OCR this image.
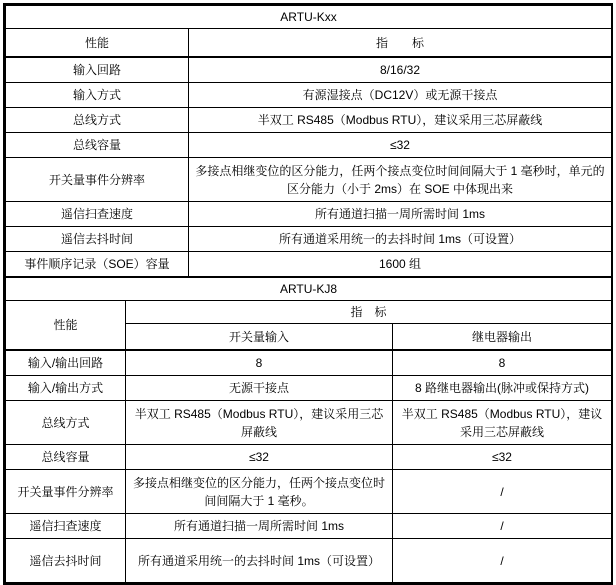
ARTU-Kxx	
性能	指　　标
输入回路	8/16/32
输入方式	有源湿接点（DC12V）或无源干接点
总线方式	半双工 RS485（Modbus RTU），建议采用三芯屏蔽线
总线容量	≤32
开关量事件分辨率	多接点相继变位的区分能力，任两个接点变位时间间隔大于 1 毫秒时，单元的区分能力（小于 2ms）在 SOE 中体现出来
遥信扫查速度	所有通道扫描一周所需时间 1ms
遥信去抖时间	所有通道采用统一的去抖时间 1ms（可设置）
事件顺序记录（SOE）容量	1600 组
ARTU-KJ8		
性能	指　标	
	开关量输入	继电器输出
输入/输出回路	8	8
输入/输出方式	无源干接点	8 路继电器输出(脉冲或保持方式)
总线方式	半双工 RS485（Modbus RTU），建议采用三芯屏蔽线	半双工 RS485（Modbus RTU），建议采用三芯屏蔽线
总线容量	≤32	≤32
开关量事件分辨率	多接点相继变位的区分能力，任两个接点变位时间间隔大于 1 毫秒。	/
遥信扫查速度	所有通道扫描一周所需时间 1ms	/
遥信去抖时间	所有通道采用统一的去抖时间 1ms（可设置）	/
